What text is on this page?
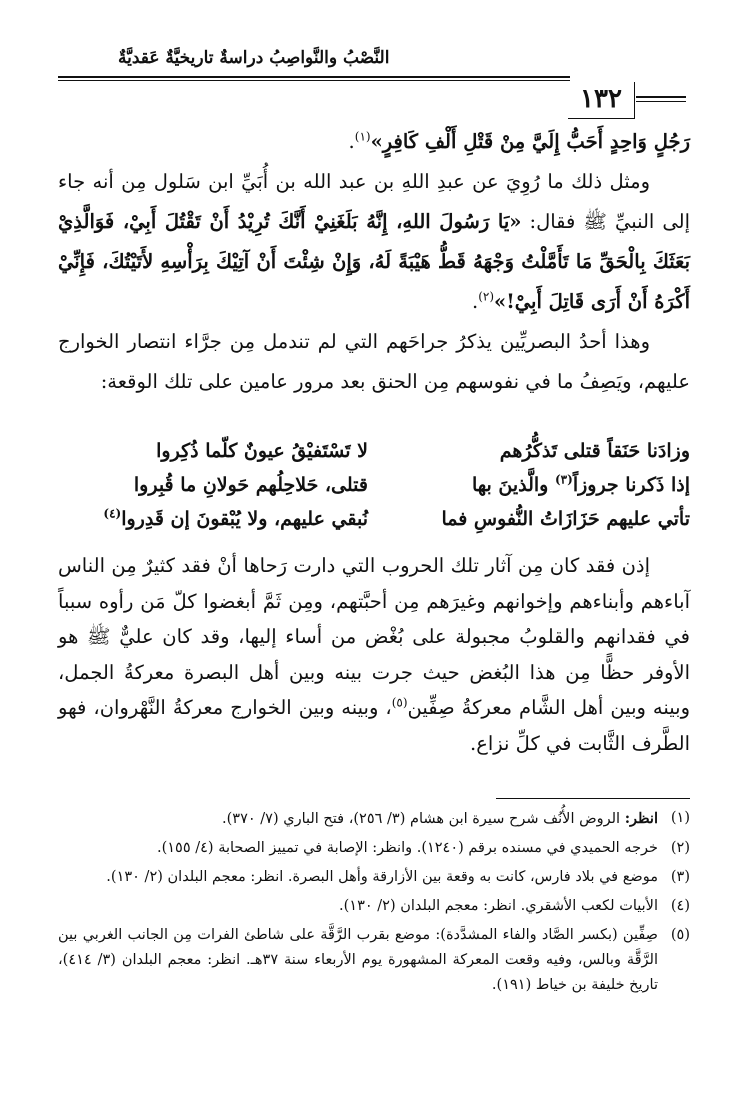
النَّصْبُ والنَّواصِبُ دراسةٌ تاريخيَّةٌ عَقديَّةٌ
١٣٢

رَجُلٍ وَاحِدٍ أَحَبُّ إِلَيَّ مِنْ قَتْلِ أَلْفِ كَافِرٍ»$^{(١)}$.

ومثل ذلك ما رُوِيَ عن عبدِ اللهِ بن عبد الله بن أُبَيِّ ابن سَلول مِن أنه جاء إلى النبيِّ ﷺ فقال: «يَا رَسُولَ اللهِ، إِنَّهُ بَلَغَنِيْ أَنَّكَ تُرِيْدُ أَنْ تَقْتُلَ أَبِيْ، فَوَالَّذِيْ بَعَثَكَ بِالْحَقِّ مَا تَأَمَّلْتُ وَجْهَهُ قَطُّ هَيْبَةً لَهُ، وَإِنْ شِئْتَ أَنْ آتِيْكَ بِرَأْسِهِ لأَتَيْتُكَ، فَإِنِّيْ أَكْرَهُ أَنْ أَرَى قَاتِلَ أَبِيْ!»$^{(٢)}$.

وهذا أحدُ البصريِّين يذكرُ جراحَهم التي لم تندمل مِن جرَّاء انتصار الخوارج عليهم، ويَصِفُ ما في نفوسهم مِن الحنق بعد مرور عامين على تلك الوقعة:

وزادَنا حَنَقاً قتلى تَذكُّرُهم
لا تَسْتَفيْقُ عيونٌ كلّما ذُكِروا
إذا ذَكرنا جروزاً$^{(٣)}$ والَّذينَ بها
قتلى، حَلاحِلُهم حَولانِ ما قُبِروا
تأتي عليهم حَزَازَاتُ النُّفوسِ فما
نُبقي عليهم، ولا يُبْقونَ إن قَدِروا$^{(٤)}$

إذن فقد كان مِن آثار تلك الحروب التي دارت رَحاها أنْ فقد كثيرٌ مِن الناس آباءهم وأبناءهم وإخوانهم وغيرَهم مِن أحبَّتهم، ومِن ثَمَّ أبغضوا كلّ مَن رأوه سبباً في فقدانهم والقلوبُ مجبولة على بُغْض من أساء إليها، وقد كان عليٌّ ﷺ هو الأوفر حظًّا مِن هذا البُغض حيث جرت بينه وبين أهل البصرة معركةُ الجمل، وبينه وبين أهل الشَّام معركةُ صِفِّين$^{(٥)}$، وبينه وبين الخوارج معركةُ النَّهْروان، فهو الطَّرف الثَّابت في كلِّ نزاع.

(١)
انظر: الروض الأُنُف شرح سيرة ابن هشام (٣/ ٢٥٦)، فتح الباري (٧/ ٣٧٠).
(٢)
خرجه الحميدي في مسنده برقم (١٢٤٠). وانظر: الإصابة في تمييز الصحابة (٤/ ١٥٥).
(٣)
موضع في بلاد فارس، كانت به وقعة بين الأزارقة وأهل البصرة. انظر: معجم البلدان (٢/ ١٣٠).
(٤)
الأبيات لكعب الأشقري. انظر: معجم البلدان (٢/ ١٣٠).
(٥)
صِفِّين (بكسر الصَّاد والفاء المشدَّدة): موضع بقرب الرَّقَّة على شاطئ الفرات مِن الجانب الغربي بين الرَّقَّة وبالس، وفيه وقعت المعركة المشهورة يوم الأربعاء سنة ٣٧هـ. انظر: معجم البلدان (٣/ ٤١٤)، تاريخ خليفة بن خياط (١٩١).
